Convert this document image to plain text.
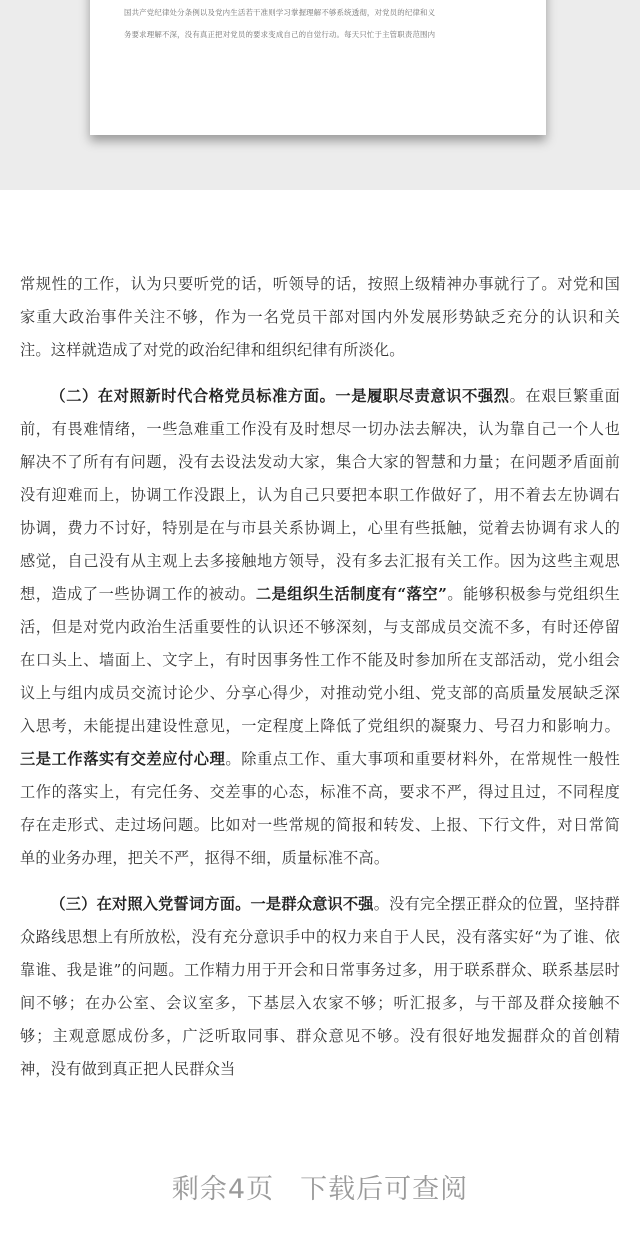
国共产党纪律处分条例以及党内生活若干准则学习掌握理解不够系统透彻，对党员的纪律和义
务要求理解不深，没有真正把对党员的要求变成自己的自觉行动。每天只忙于主管职责范围内

常规性的工作，认为只要听党的话，听领导的话，按照上级精神办事就行了。对党和国家重大政治事件关注不够，作为一名党员干部对国内外发展形势缺乏充分的认识和关注。这样就造成了对党的政治纪律和组织纪律有所淡化。

（二）在对照新时代合格党员标准方面。一是履职尽责意识不强烈。在艰巨繁重面前，有畏难情绪，一些急难重工作没有及时想尽一切办法去解决，认为靠自己一个人也解决不了所有有问题，没有去设法发动大家，集合大家的智慧和力量；在问题矛盾面前没有迎难而上，协调工作没跟上，认为自己只要把本职工作做好了，用不着去左协调右协调，费力不讨好，特别是在与市县关系协调上，心里有些抵触，觉着去协调有求人的感觉，自己没有从主观上去多接触地方领导，没有多去汇报有关工作。因为这些主观思想，造成了一些协调工作的被动。二是组织生活制度有“落空”。能够积极参与党组织生活，但是对党内政治生活重要性的认识还不够深刻，与支部成员交流不多，有时还停留在口头上、墙面上、文字上，有时因事务性工作不能及时参加所在支部活动，党小组会议上与组内成员交流讨论少、分享心得少，对推动党小组、党支部的高质量发展缺乏深入思考，未能提出建设性意见，一定程度上降低了党组织的凝聚力、号召力和影响力。三是工作落实有交差应付心理。除重点工作、重大事项和重要材料外，在常规性一般性工作的落实上，有完任务、交差事的心态，标准不高，要求不严，得过且过，不同程度存在走形式、走过场问题。比如对一些常规的简报和转发、上报、下行文件，对日常简单的业务办理，把关不严，抠得不细，质量标准不高。

（三）在对照入党誓词方面。一是群众意识不强。没有完全摆正群众的位置，坚持群众路线思想上有所放松，没有充分意识手中的权力来自于人民，没有落实好“为了谁、依靠谁、我是谁”的问题。工作精力用于开会和日常事务过多，用于联系群众、联系基层时间不够；在办公室、会议室多，下基层入农家不够；听汇报多，与干部及群众接触不够；主观意愿成份多，广泛听取同事、群众意见不够。没有很好地发掘群众的首创精神，没有做到真正把人民群众当

剩余4页 下载后可查阅
